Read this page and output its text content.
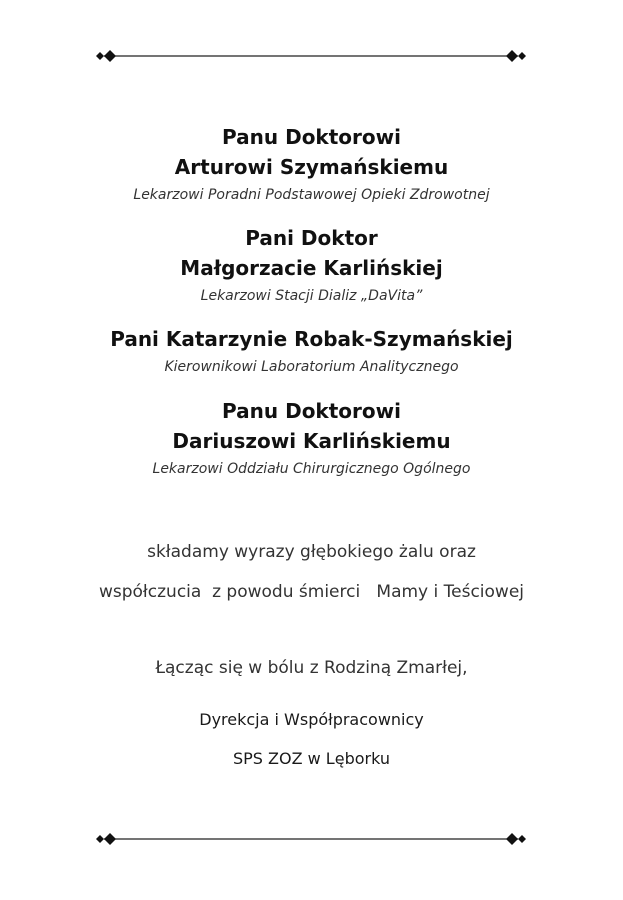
Panu Doktorowi
Arturowi Szymańskiemu
Lekarzowi Poradni Podstawowej Opieki Zdrowotnej
Pani Doktor
Małgorzacie Karlińskiej
Lekarzowi Stacji Dializ „DaVita”
Pani Katarzynie Robak-Szymańskiej
Kierownikowi Laboratorium Analitycznego
Panu Doktorowi
Dariuszowi Karlińskiemu
Lekarzowi Oddziału Chirurgicznego Ogólnego
składamy wyrazy głębokiego żalu oraz
współczucia  z powodu śmierci   Mamy i Teściowej
Łącząc się w bólu z Rodziną Zmarłej,
Dyrekcja i Współpracownicy
SPS ZOZ w Lęborku
